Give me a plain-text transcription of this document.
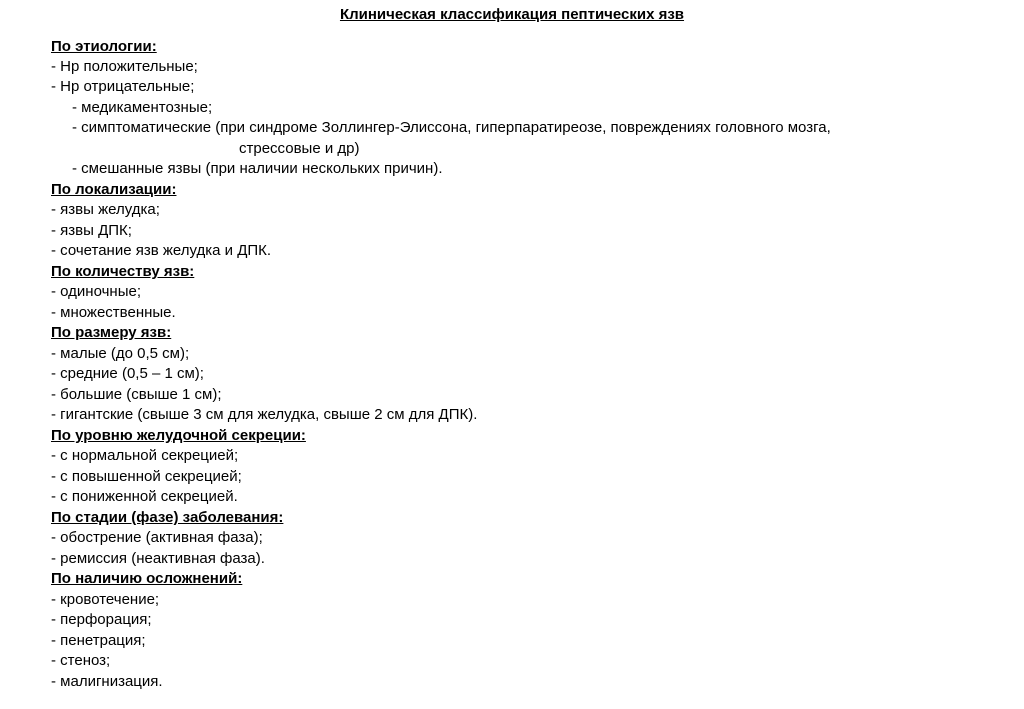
Клиническая классификация пептических язв
По этиологии:
- Нр положительные;
- Нр отрицательные;
- медикаментозные;
- симптоматические (при синдроме Золлингер-Элиссона, гиперпаратиреозе, повреждениях головного мозга,
стрессовые и др)
- смешанные язвы (при наличии нескольких причин).
По локализации:
- язвы желудка;
- язвы ДПК;
- сочетание язв желудка и ДПК.
По количеству язв:
- одиночные;
- множественные.
По размеру язв:
- малые (до 0,5 см);
- средние (0,5 – 1 см);
- большие (свыше 1 см);
- гигантские (свыше 3 см для желудка, свыше 2 см для ДПК).
По уровню желудочной секреции:
- с нормальной секрецией;
- с повышенной секрецией;
- с пониженной секрецией.
По стадии (фазе) заболевания:
- обострение (активная фаза);
- ремиссия (неактивная фаза).
По наличию осложнений:
- кровотечение;
- перфорация;
- пенетрация;
- стеноз;
- малигнизация.
